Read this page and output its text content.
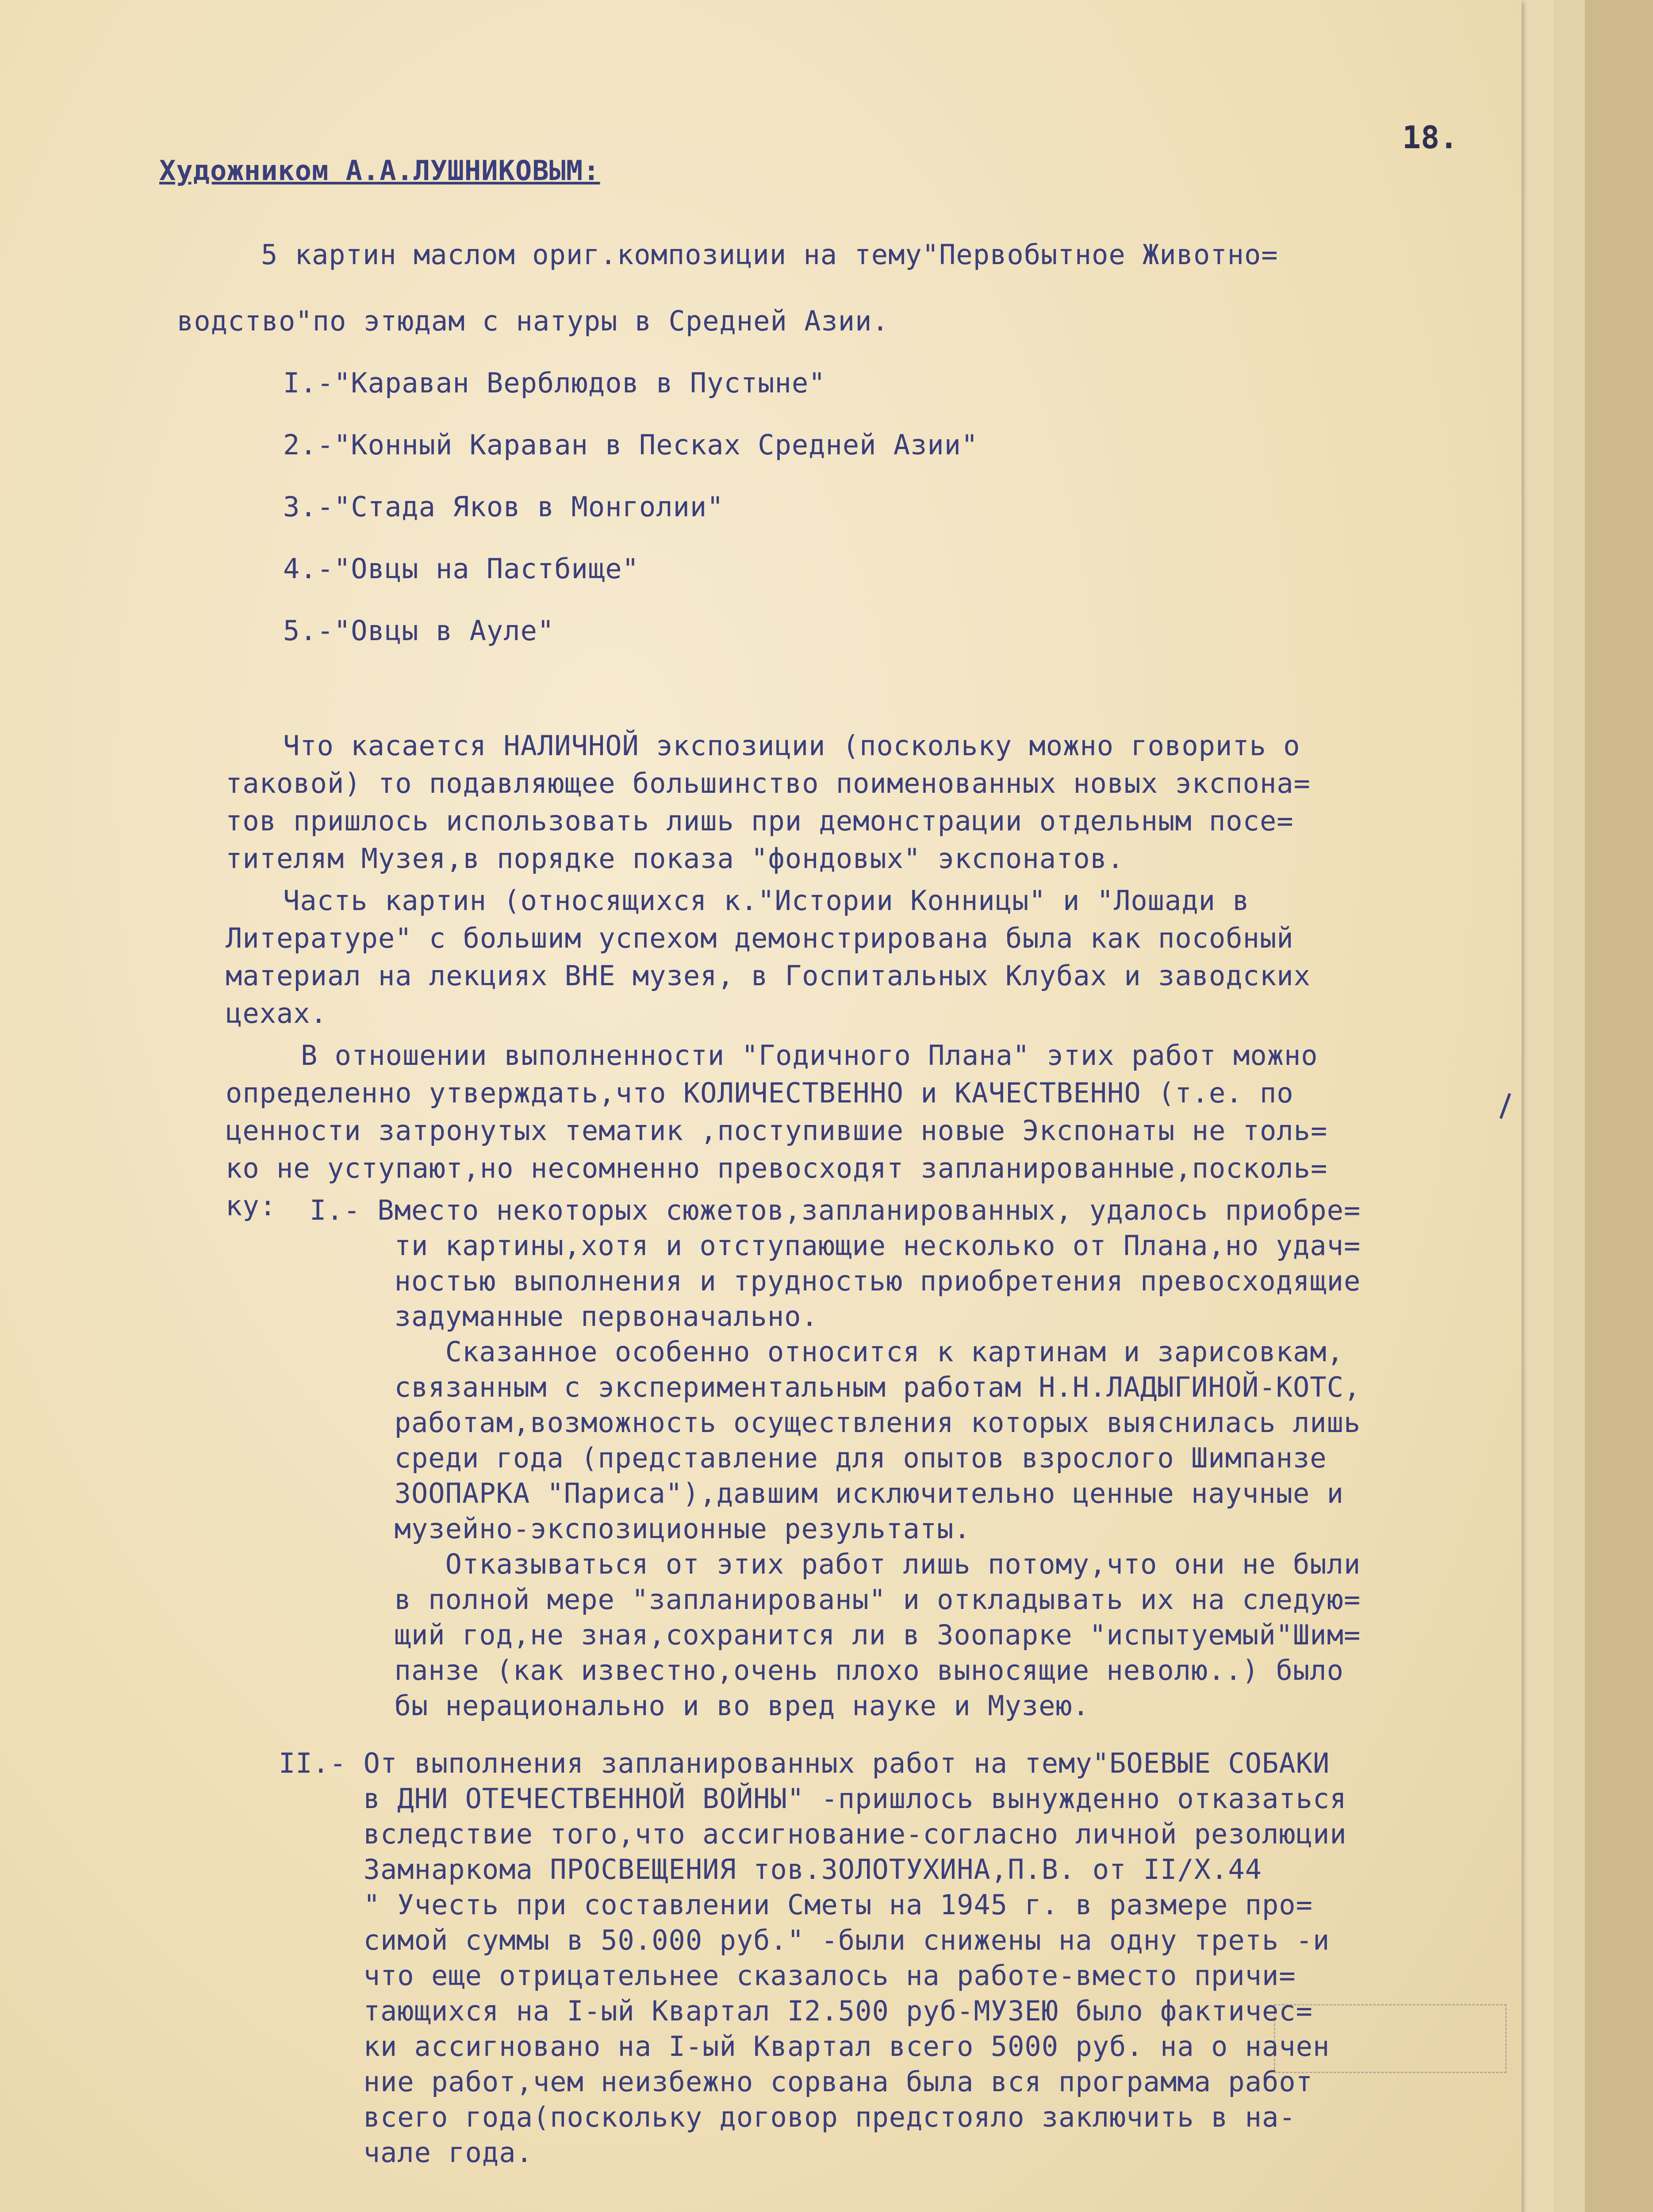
18.
Художником А.А.ЛУШНИКОВЫМ:
5 картин маслом ориг.композиции на тему"Первобытное Животно=
водство"по этюдам с натуры в Средней Азии.
I.-"Караван Верблюдов в Пустыне"
2.-"Конный Караван в Песках Средней Азии"
3.-"Стада Яков в Монголии"
4.-"Овцы на Пастбище"
5.-"Овцы в Ауле"
Что касается НАЛИЧНОЙ экспозиции (поскольку можно говорить о
таковой) то подавляющее большинство поименованных новых экспона=
тов пришлось использовать лишь при демонстрации отдельным посе=
тителям Музея,в порядке показа "фондовых" экспонатов.
Часть картин (относящихся к."Истории Конницы" и "Лошади в
Литературе" с большим успехом демонстрирована была как пособный
материал на лекциях ВНЕ музея, в Госпитальных Клубах и заводских
цехах.
В отношении выполненности "Годичного Плана" этих работ можно
определенно утверждать,что КОЛИЧЕСТВЕННО и КАЧЕСТВЕННО (т.е. по
ценности затронутых тематик ,поступившие новые Экспонаты не толь=
ко не уступают,но несомненно превосходят запланированные,посколь=
ку: I.- Вместо некоторых сюжетов,запланированных, удалось приобре=
ти картины,хотя и отступающие несколько от Плана,но удач=
ностью выполнения и трудностью приобретения превосходящие
задуманные первоначально.
Сказанное особенно относится к картинам и зарисовкам,
связанным с экспериментальным работам Н.Н.ЛАДЫГИНОЙ-КОТС,
работам,возможность осуществления которых выяснилась лишь
среди года (представление для опытов взрослого Шимпанзе
ЗООПАРКА "Париса"),давшим исключительно ценные научные и
музейно-экспозиционные результаты.
Отказываться от этих работ лишь потому,что они не были
в полной мере "запланированы" и откладывать их на следую=
щий год,не зная,сохранится ли в Зоопарке "испытуемый"Шим=
панзе (как известно,очень плохо выносящие неволю..) было
бы нерационально и во вред науке и Музею.
II.- От выполнения запланированных работ на тему"БОЕВЫЕ СОБАКИ
в ДНИ ОТЕЧЕСТВЕННОЙ ВОЙНЫ" -пришлось вынужденно отказаться
вследствие того,что ассигнование-согласно личной резолюции
Замнаркома ПРОСВЕЩЕНИЯ тов.ЗОЛОТУХИНА,П.В. от II/X.44
" Учесть при составлении Сметы на 1945 г. в размере про=
симой суммы в 50.000 руб." -были снижены на одну треть -и
что еще отрицательнее сказалось на работе-вместо причи=
тающихся на I-ый Квартал I2.500 руб-МУЗЕЮ было фактичес=
ки ассигновано на I-ый Квартал всего 5000 руб. на о начен
ние работ,чем неизбежно сорвана была вся программа работ
всего года(поскольку договор предстояло заключить в на-
чале года.
